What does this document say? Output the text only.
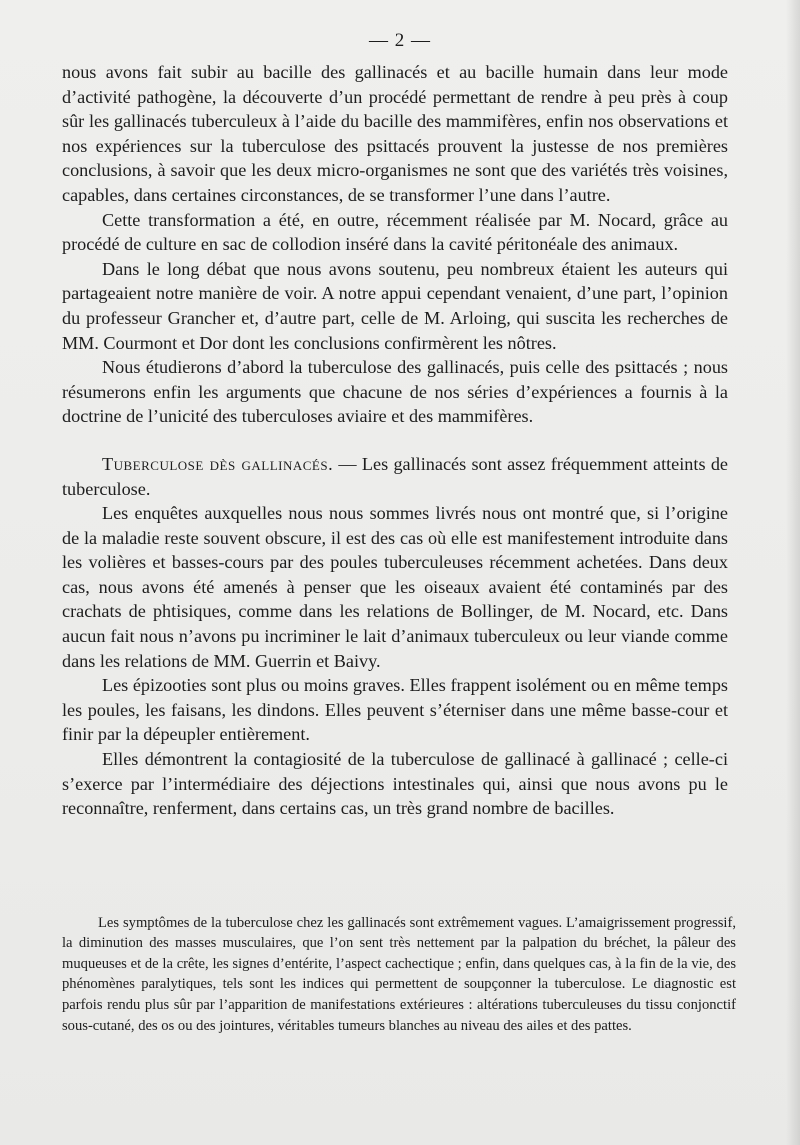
— 2 —

nous avons fait subir au bacille des gallinacés et au bacille humain dans leur mode d’activité pathogène, la découverte d’un procédé permettant de rendre à peu près à coup sûr les gallinacés tuberculeux à l’aide du bacille des mammifères, enfin nos observations et nos expériences sur la tuberculose des psittacés prouvent la justesse de nos premières conclusions, à savoir que les deux micro-organismes ne sont que des variétés très voisines, capables, dans certaines circonstances, de se transformer l’une dans l’autre.

Cette transformation a été, en outre, récemment réalisée par M. Nocard, grâce au procédé de culture en sac de collodion inséré dans la cavité péritonéale des animaux.

Dans le long débat que nous avons soutenu, peu nombreux étaient les auteurs qui partageaient notre manière de voir. A notre appui cependant venaient, d’une part, l’opinion du professeur Grancher et, d’autre part, celle de M. Arloing, qui suscita les recherches de MM. Courmont et Dor dont les conclusions confirmèrent les nôtres.

Nous étudierons d’abord la tuberculose des gallinacés, puis celle des psittacés ; nous résumerons enfin les arguments que chacune de nos séries d’expériences a fournis à la doctrine de l’unicité des tuberculoses aviaire et des mammifères.

Tuberculose dès gallinacés. — Les gallinacés sont assez fréquemment atteints de tuberculose.

Les enquêtes auxquelles nous nous sommes livrés nous ont montré que, si l’origine de la maladie reste souvent obscure, il est des cas où elle est manifestement introduite dans les volières et basses-cours par des poules tuberculeuses récemment achetées. Dans deux cas, nous avons été amenés à penser que les oiseaux avaient été contaminés par des crachats de phtisiques, comme dans les relations de Bollinger, de M. Nocard, etc. Dans aucun fait nous n’avons pu incriminer le lait d’animaux tuberculeux ou leur viande comme dans les relations de MM. Guerrin et Baivy.

Les épizooties sont plus ou moins graves. Elles frappent isolément ou en même temps les poules, les faisans, les dindons. Elles peuvent s’éterniser dans une même basse-cour et finir par la dépeupler entièrement.

Elles démontrent la contagiosité de la tuberculose de gallinacé à gallinacé ; celle-ci s’exerce par l’intermédiaire des déjections intestinales qui, ainsi que nous avons pu le reconnaître, renferment, dans certains cas, un très grand nombre de bacilles.

Les symptômes de la tuberculose chez les gallinacés sont extrêmement vagues. L’amaigrissement progressif, la diminution des masses musculaires, que l’on sent très nettement par la palpation du bréchet, la pâleur des muqueuses et de la crête, les signes d’entérite, l’aspect cachectique ; enfin, dans quelques cas, à la fin de la vie, des phénomènes paralytiques, tels sont les indices qui permettent de soupçonner la tuberculose. Le diagnostic est parfois rendu plus sûr par l’apparition de manifestations extérieures : altérations tuberculeuses du tissu conjonctif sous-cutané, des os ou des jointures, véritables tumeurs blanches au niveau des ailes et des pattes.
